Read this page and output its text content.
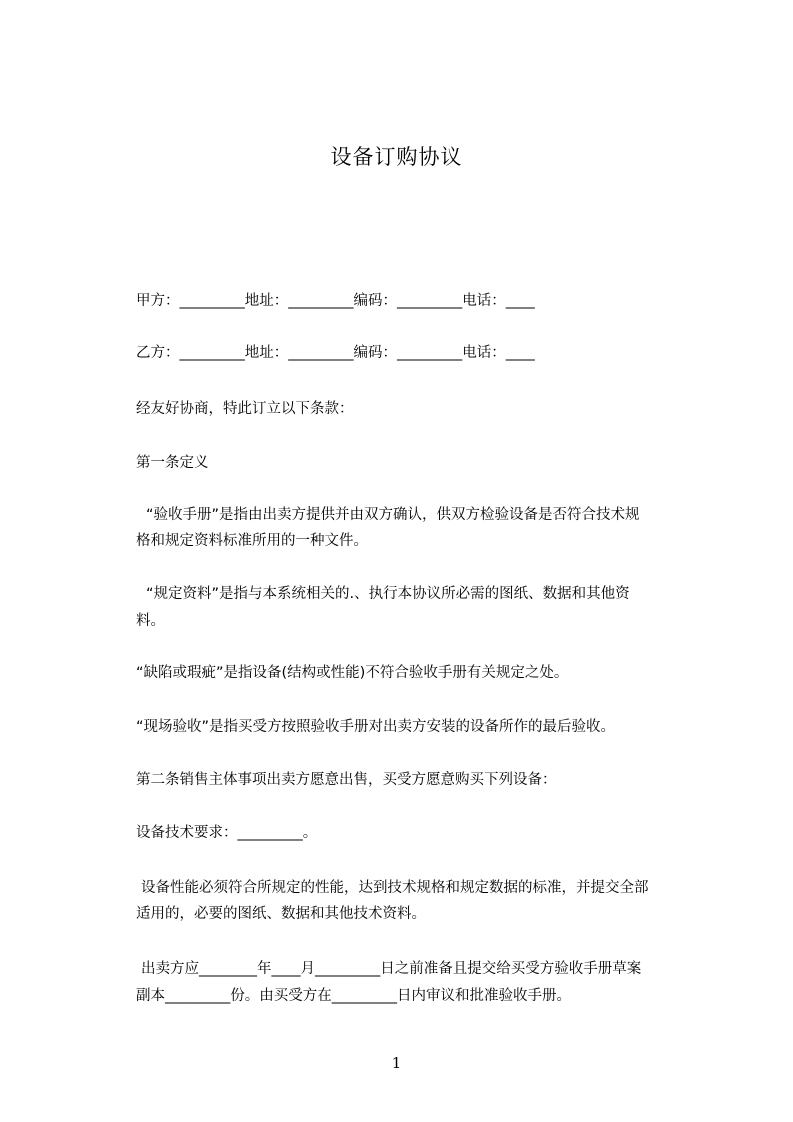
设备订购协议
甲方：_________地址：_________编码：_________电话：____
乙方：_________地址：_________编码：_________电话：____
经友好协商，特此订立以下条款：
第一条定义
“验收手册”是指由出卖方提供并由双方确认，供双方检验设备是否符合技术规
格和规定资料标准所用的一种文件。
“规定资料”是指与本系统相关的.、执行本协议所必需的图纸、数据和其他资
料。
“缺陷或瑕疵”是指设备(结构或性能)不符合验收手册有关规定之处。
“现场验收”是指买受方按照验收手册对出卖方安装的设备所作的最后验收。
第二条销售主体事项出卖方愿意出售，买受方愿意购买下列设备：
设备技术要求：_________。
设备性能必须符合所规定的性能，达到技术规格和规定数据的标准，并提交全部
适用的，必要的图纸、数据和其他技术资料。
出卖方应________年____月_________日之前准备且提交给买受方验收手册草案
副本_________份。由买受方在_________日内审议和批准验收手册。
1
